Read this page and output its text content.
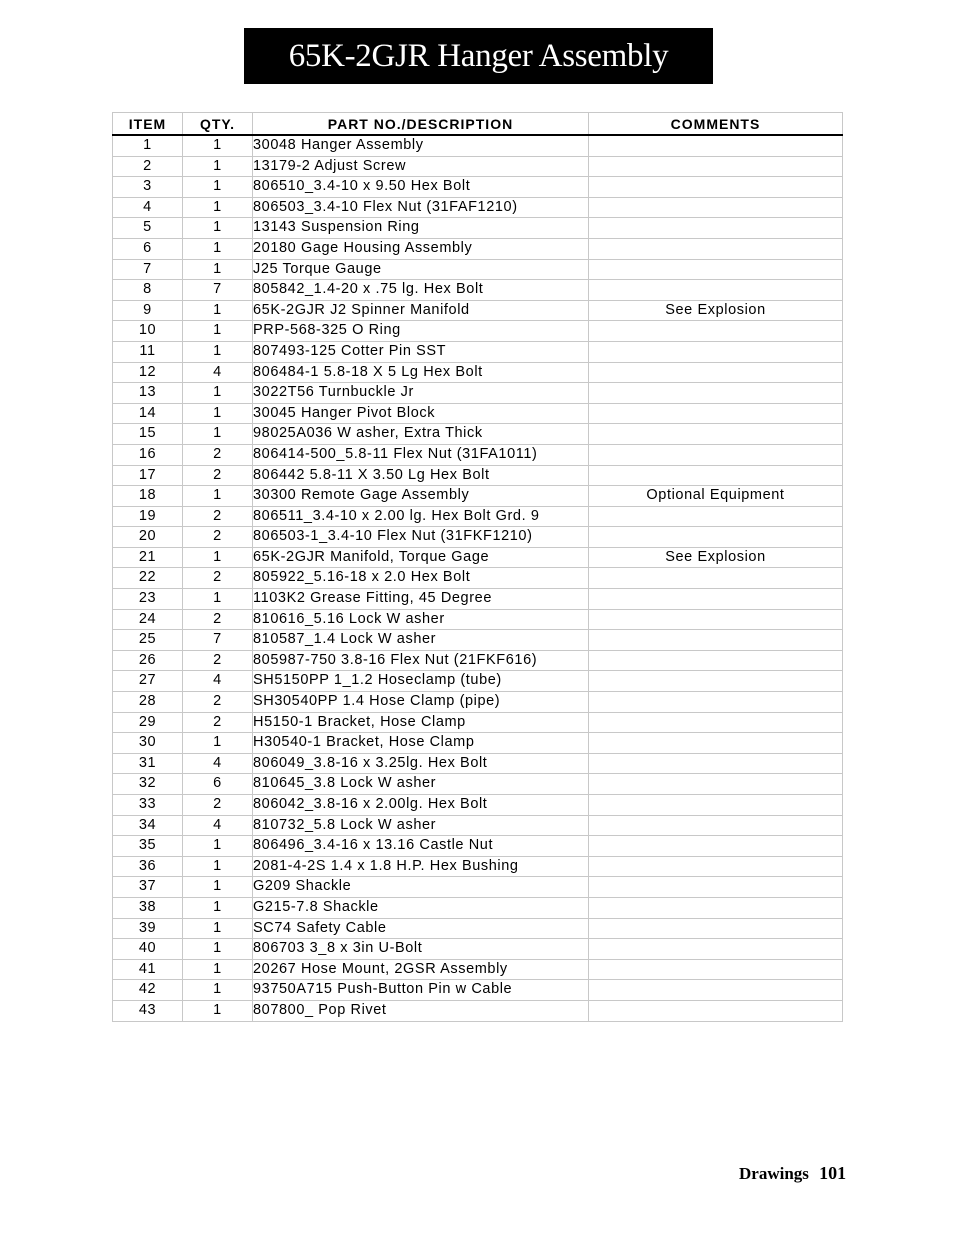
65K-2GJR Hanger Assembly
ITEM	QTY.	PART NO./DESCRIPTION	COMMENTS
1	1	30048 Hanger Assembly	
2	1	13179-2 Adjust Screw	
3	1	806510_3.4-10 x 9.50 Hex Bolt	
4	1	806503_3.4-10 Flex Nut (31FAF1210)	
5	1	13143 Suspension Ring	
6	1	20180 Gage Housing Assembly	
7	1	J25 Torque Gauge	
8	7	805842_1.4-20 x .75 lg. Hex Bolt	
9	1	65K-2GJR J2 Spinner Manifold	See Explosion
10	1	PRP-568-325 O Ring	
11	1	807493-125 Cotter Pin SST	
12	4	806484-1 5.8-18 X 5 Lg Hex Bolt	
13	1	3022T56 Turnbuckle Jr	
14	1	30045 Hanger Pivot Block	
15	1	98025A036 W asher, Extra Thick	
16	2	806414-500_5.8-11 Flex Nut (31FA1011)	
17	2	806442 5.8-11 X 3.50 Lg Hex Bolt	
18	1	30300 Remote Gage Assembly	Optional Equipment
19	2	806511_3.4-10 x 2.00 lg. Hex Bolt Grd. 9	
20	2	806503-1_3.4-10 Flex Nut (31FKF1210)	
21	1	65K-2GJR Manifold, Torque Gage	See Explosion
22	2	805922_5.16-18 x 2.0 Hex Bolt	
23	1	1103K2 Grease Fitting, 45 Degree	
24	2	810616_5.16 Lock W asher	
25	7	810587_1.4 Lock W asher	
26	2	805987-750 3.8-16 Flex Nut (21FKF616)	
27	4	SH5150PP 1_1.2 Hoseclamp (tube)	
28	2	SH30540PP 1.4 Hose Clamp (pipe)	
29	2	H5150-1 Bracket, Hose Clamp	
30	1	H30540-1 Bracket, Hose Clamp	
31	4	806049_3.8-16 x 3.25lg. Hex Bolt	
32	6	810645_3.8 Lock W asher	
33	2	806042_3.8-16 x 2.00lg. Hex Bolt	
34	4	810732_5.8 Lock W asher	
35	1	806496_3.4-16 x 13.16 Castle Nut	
36	1	2081-4-2S 1.4 x 1.8 H.P. Hex Bushing	
37	1	G209 Shackle	
38	1	G215-7.8 Shackle	
39	1	SC74 Safety Cable	
40	1	806703 3_8 x 3in U-Bolt	
41	1	20267 Hose Mount, 2GSR Assembly	
42	1	93750A715 Push-Button Pin w Cable	
43	1	807800_ Pop Rivet	
Drawings 101
